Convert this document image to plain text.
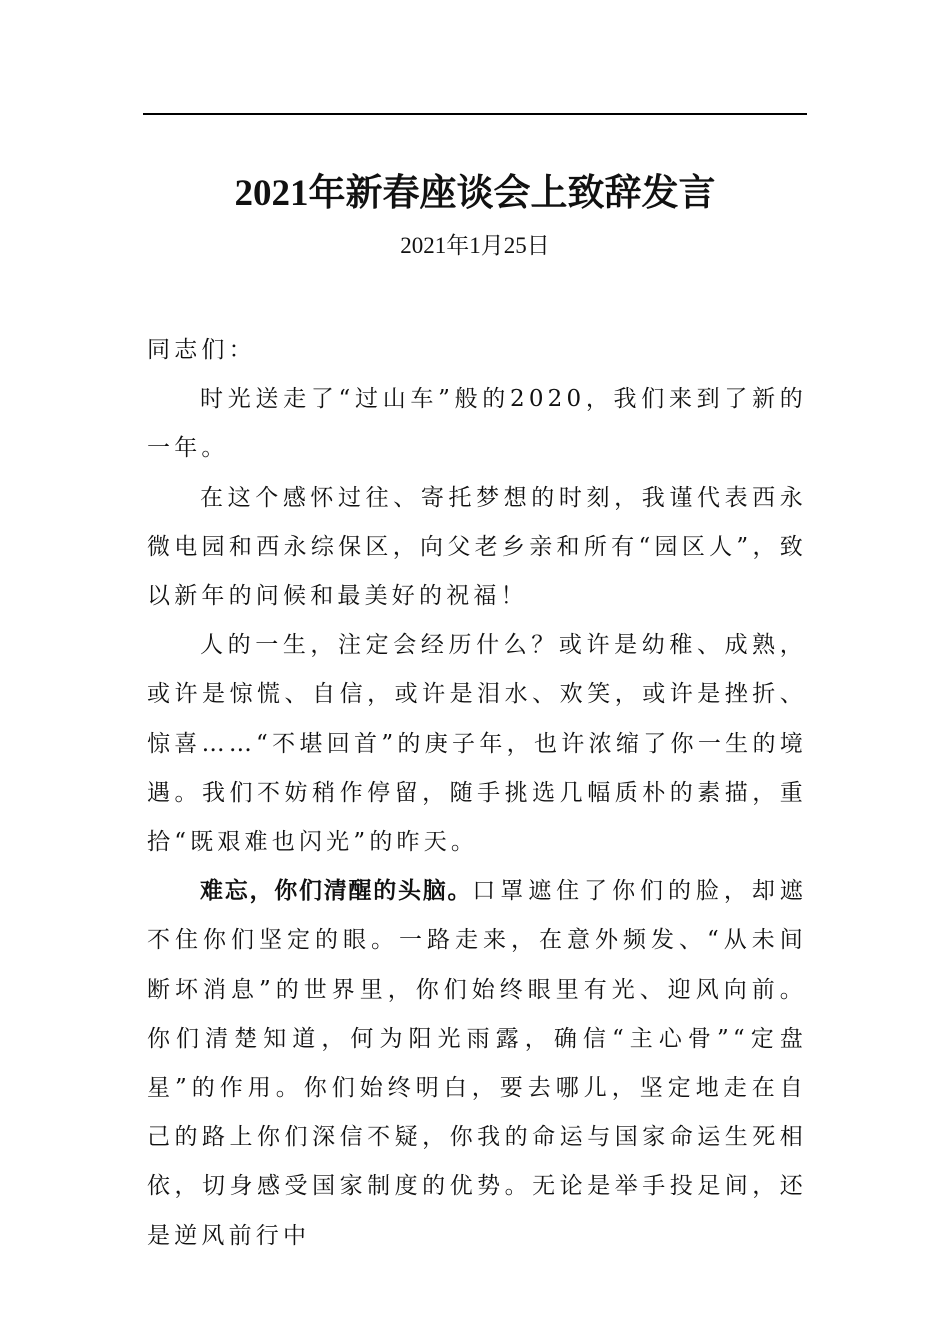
2021年新春座谈会上致辞发言
2021年1月25日

同志们：

时光送走了“过山车”般的2020，我们来到了新的一年。

在这个感怀过往、寄托梦想的时刻，我谨代表西永微电园和西永综保区，向父老乡亲和所有“园区人”，致以新年的问候和最美好的祝福！

人的一生，注定会经历什么？或许是幼稚、成熟，或许是惊慌、自信，或许是泪水、欢笑，或许是挫折、惊喜……“不堪回首”的庚子年，也许浓缩了你一生的境遇。我们不妨稍作停留，随手挑选几幅质朴的素描，重拾“既艰难也闪光”的昨天。

难忘，你们清醒的头脑。口罩遮住了你们的脸，却遮不住你们坚定的眼。一路走来，在意外频发、“从未间断坏消息”的世界里，你们始终眼里有光、迎风向前。你们清楚知道，何为阳光雨露，确信“主心骨”“定盘星”的作用。你们始终明白，要去哪儿，坚定地走在自己的路上你们深信不疑，你我的命运与国家命运生死相依，切身感受国家制度的优势。无论是举手投足间，还是逆风前行中
